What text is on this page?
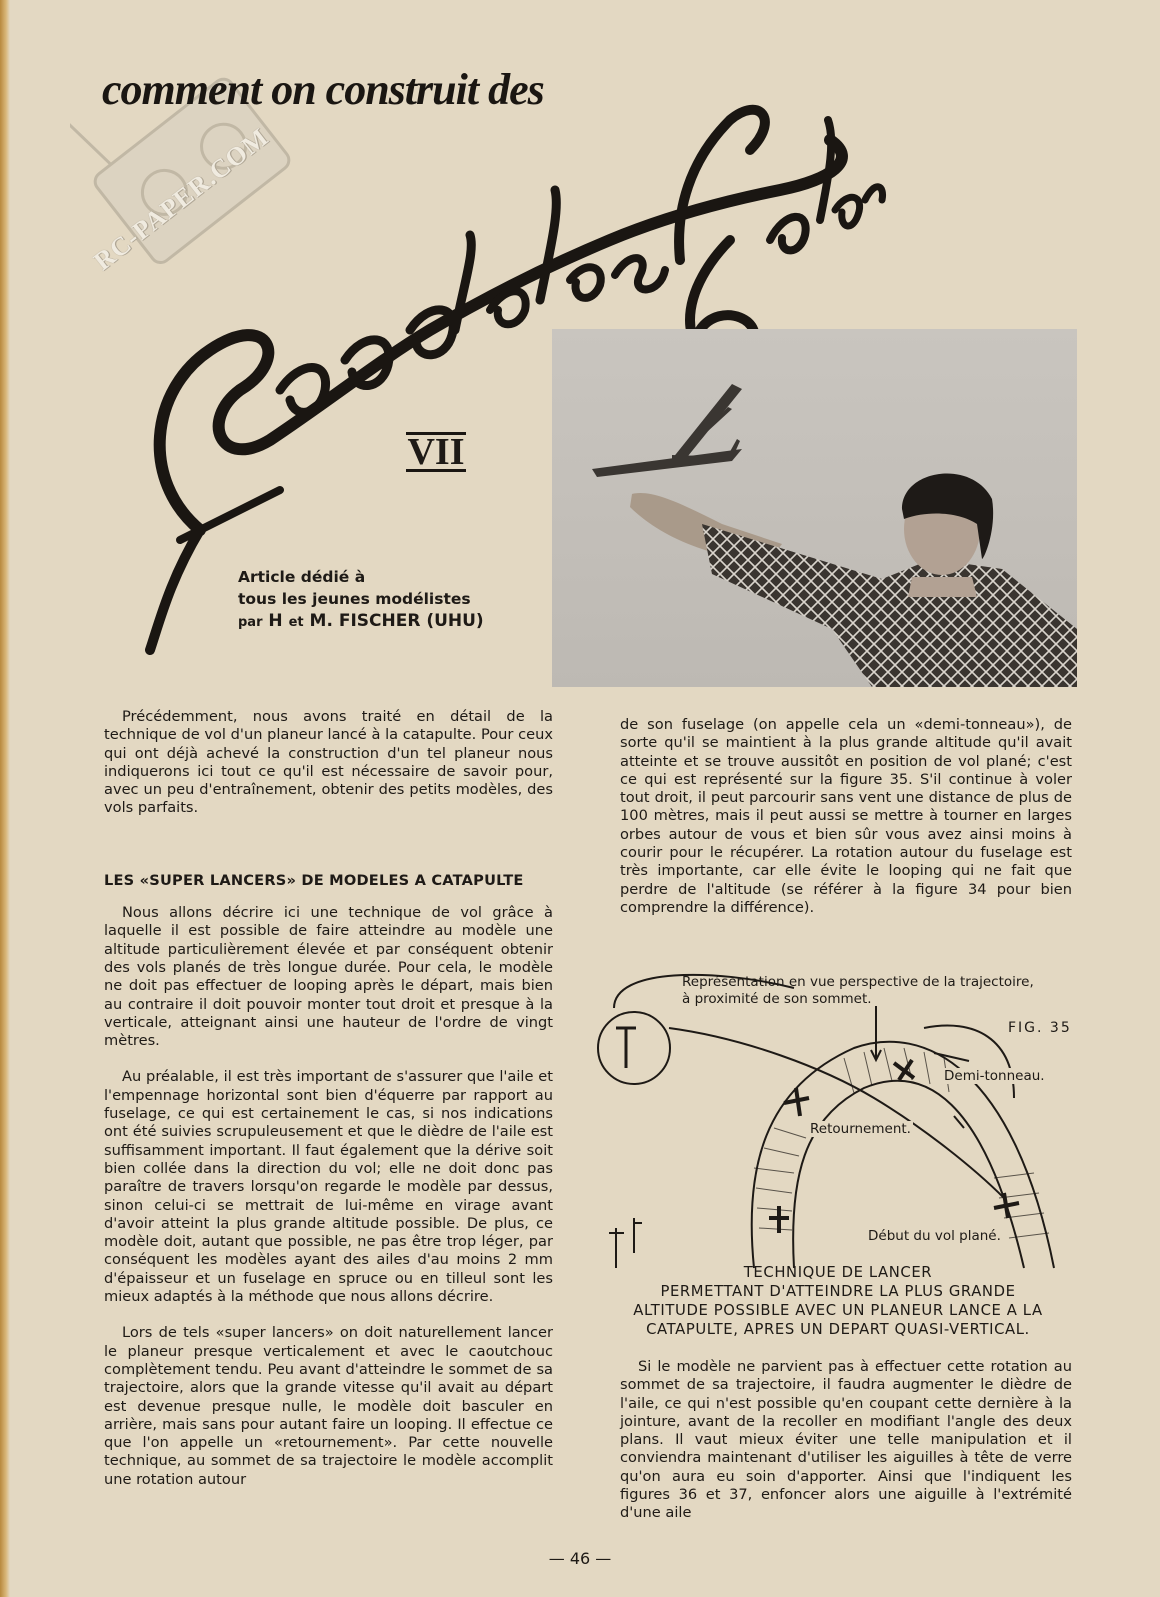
RC-PAPER.COM
comment on construit des
VII
Article dédié à
tous les jeunes modélistes
par H et M. FISCHER (UHU)

Précédemment, nous avons traité en détail de la technique de vol d'un planeur lancé à la catapulte. Pour ceux qui ont déjà achevé la construction d'un tel planeur nous indiquerons ici tout ce qu'il est nécessaire de savoir pour, avec un peu d'entraînement, obtenir des petits modèles, des vols parfaits.

LES «SUPER LANCERS» DE MODELES A CATAPULTE

Nous allons décrire ici une technique de vol grâce à laquelle il est possible de faire atteindre au modèle une altitude particulièrement élevée et par conséquent obtenir des vols planés de très longue durée. Pour cela, le modèle ne doit pas effectuer de looping après le départ, mais bien au contraire il doit pouvoir monter tout droit et presque à la verticale, atteignant ainsi une hauteur de l'ordre de vingt mètres.

Au préalable, il est très important de s'assurer que l'aile et l'empennage horizontal sont bien d'équerre par rapport au fuselage, ce qui est certainement le cas, si nos indications ont été suivies scrupuleusement et que le dièdre de l'aile est suffisamment important. Il faut également que la dérive soit bien collée dans la direction du vol; elle ne doit donc pas paraître de travers lorsqu'on regarde le modèle par dessus, sinon celui-ci se mettrait de lui-même en virage avant d'avoir atteint la plus grande altitude possible. De plus, ce modèle doit, autant que possible, ne pas être trop léger, par conséquent les modèles ayant des ailes d'au moins 2 mm d'épaisseur et un fuselage en spruce ou en tilleul sont les mieux adaptés à la méthode que nous allons décrire.

Lors de tels «super lancers» on doit naturellement lancer le planeur presque verticalement et avec le caoutchouc complètement tendu. Peu avant d'atteindre le sommet de sa trajectoire, alors que la grande vitesse qu'il avait au départ est devenue presque nulle, le modèle doit basculer en arrière, mais sans pour autant faire un looping. Il effectue ce que l'on appelle un «retournement». Par cette nouvelle technique, au sommet de sa trajectoire le modèle accomplit une rotation autour

de son fuselage (on appelle cela un «demi-tonneau»), de sorte qu'il se maintient à la plus grande altitude qu'il avait atteinte et se trouve aussitôt en position de vol plané; c'est ce qui est représenté sur la figure 35. S'il continue à voler tout droit, il peut parcourir sans vent une distance de plus de 100 mètres, mais il peut aussi se mettre à tourner en larges orbes autour de vous et bien sûr vous avez ainsi moins à courir pour le récupérer. La rotation autour du fuselage est très importante, car elle évite le looping qui ne fait que perdre de l'altitude (se référer à la figure 34 pour bien comprendre la différence).

Représentation en vue perspective de la trajectoire,
à proximité de son sommet.
FIG. 35
Demi-tonneau.
Retournement.
Début du vol plané.
TECHNIQUE DE LANCER
PERMETTANT D'ATTEINDRE LA PLUS GRANDE
ALTITUDE POSSIBLE AVEC UN PLANEUR LANCE A LA
CATAPULTE, APRES UN DEPART QUASI-VERTICAL.

Si le modèle ne parvient pas à effectuer cette rotation au sommet de sa trajectoire, il faudra augmenter le dièdre de l'aile, ce qui n'est possible qu'en coupant cette dernière à la jointure, avant de la recoller en modifiant l'angle des deux plans. Il vaut mieux éviter une telle manipulation et il conviendra maintenant d'utiliser les aiguilles à tête de verre qu'on aura eu soin d'apporter. Ainsi que l'indiquent les figures 36 et 37, enfoncer alors une aiguille à l'extrémité d'une aile

— 46 —
